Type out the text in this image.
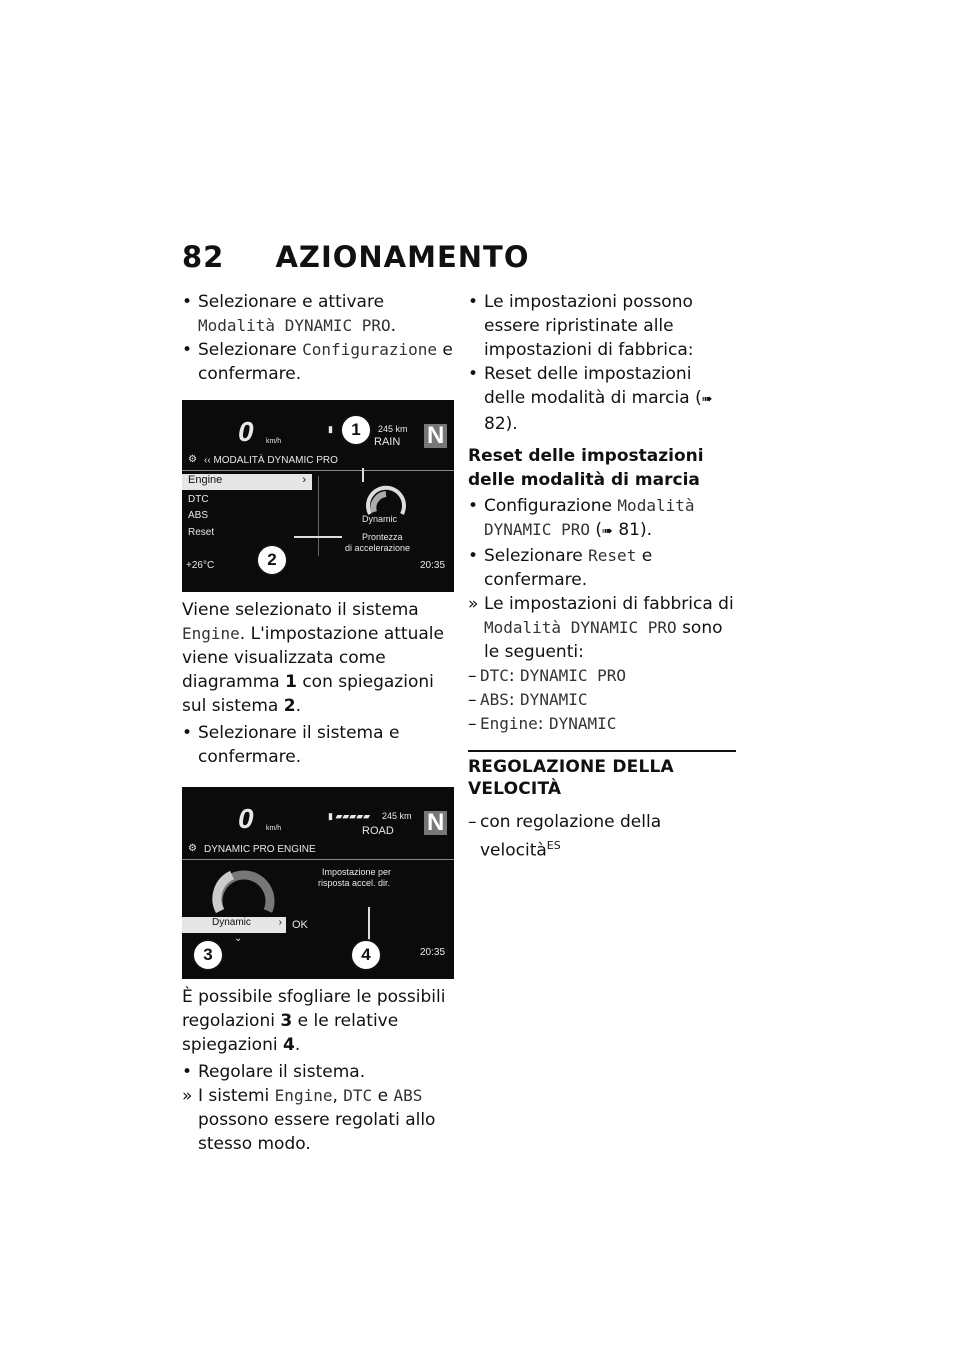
82 AZIONAMENTO

• Selezionare e attivare Modalità DYNAMIC PRO.

• Selezionare Configurazione e confermare.

0 km/h
▮	245 km
RAIN N
⚙ ‹‹ MODALITÀ DYNAMIC PRO
Engine	›
DTC
ABS
Reset
Dynamic
Prontezza
di accelerazione
+26°C	20:35
1
2

Viene selezionato il sistema Engine. L'impostazione attuale viene visualizzata come diagramma 1 con spiegazioni sul sistema 2.

• Selezionare il sistema e confermare.

0 km/h
▮ ▰▰▰▰▰ 245 km
ROAD N
⚙ DYNAMIC PRO ENGINE
Impostazione per
risposta accel. dir.
Dynamic	›
⌄
OK
20:35
3	4

È possibile sfogliare le possibili regolazioni 3 e le relative spiegazioni 4.

• Regolare il sistema.

» I sistemi Engine, DTC e ABS possono essere regolati allo stesso modo.

• Le impostazioni possono essere ripristinate alle impostazioni di fabbrica:

• Reset delle impostazioni delle modalità di marcia (➠ 82).

Reset delle impostazioni delle modalità di marcia

• Configurazione Modalità DYNAMIC PRO (➠ 81).

• Selezionare Reset e confermare.

» Le impostazioni di fabbrica di Modalità DYNAMIC PRO sono le seguenti:

– DTC: DYNAMIC PRO

– ABS: DYNAMIC

– Engine: DYNAMIC

REGOLAZIONE DELLA VELOCITÀ

– con regolazione della velocità$^{ES}$
